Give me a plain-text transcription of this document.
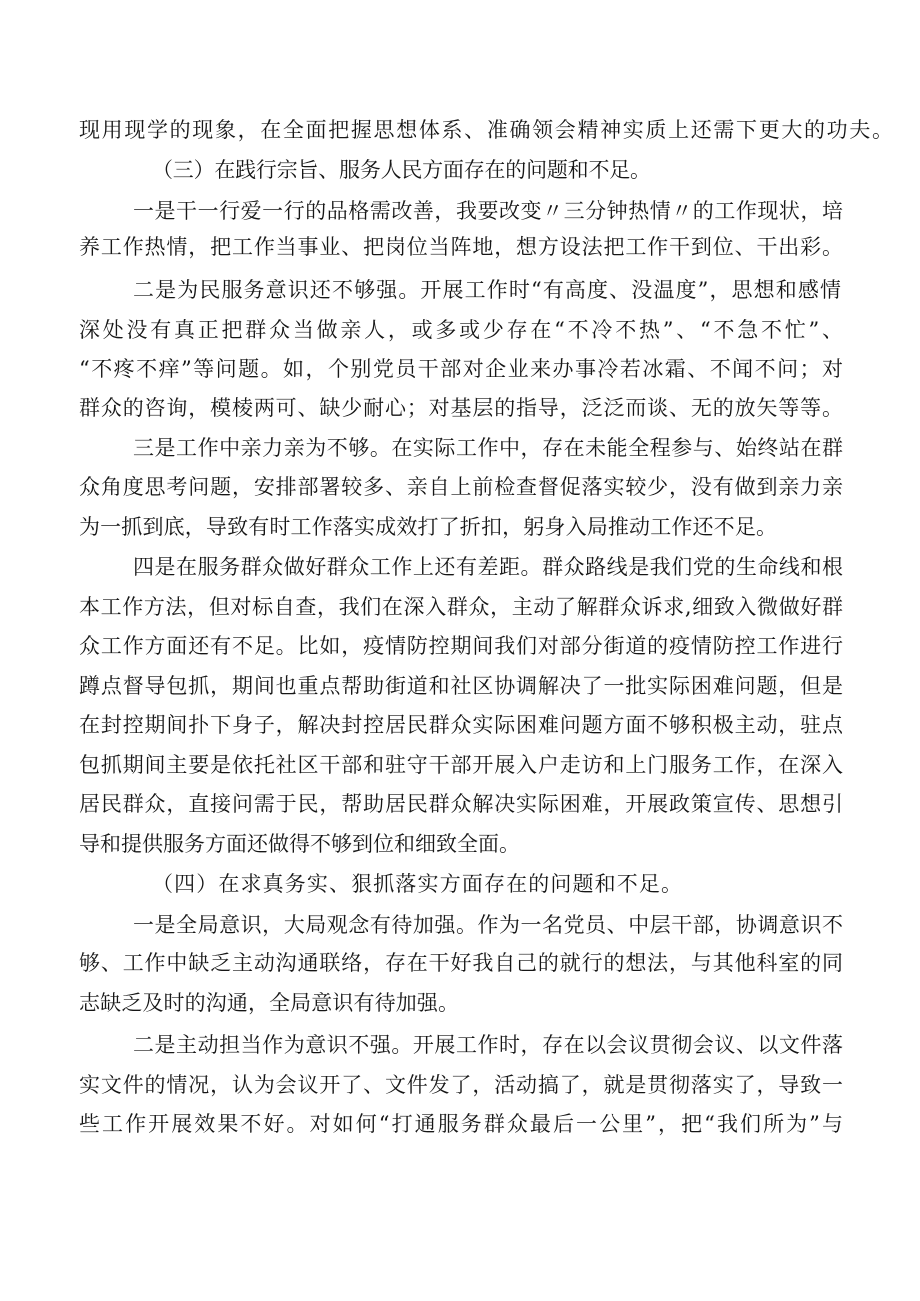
现用现学的现象，在全面把握思想体系、准确领会精神实质上还需下更大的功夫。
（三）在践行宗旨、服务人民方面存在的问题和不足。
一是干一行爱一行的品格需改善，我要改变〃三分钟热情〃的工作现状，培
养工作热情，把工作当事业、把岗位当阵地，想方设法把工作干到位、干出彩。
二是为民服务意识还不够强。开展工作时“有高度、没温度”，思想和感情
深处没有真正把群众当做亲人，或多或少存在“不冷不热”、“不急不忙”、
“不疼不痒”等问题。如，个别党员干部对企业来办事冷若冰霜、不闻不问；对
群众的咨询，模棱两可、缺少耐心；对基层的指导，泛泛而谈、无的放矢等等。
三是工作中亲力亲为不够。在实际工作中，存在未能全程参与、始终站在群
众角度思考问题，安排部署较多、亲自上前检查督促落实较少，没有做到亲力亲
为一抓到底，导致有时工作落实成效打了折扣，躬身入局推动工作还不足。
四是在服务群众做好群众工作上还有差距。群众路线是我们党的生命线和根
本工作方法，但对标自查，我们在深入群众，主动了解群众诉求,细致入微做好群
众工作方面还有不足。比如，疫情防控期间我们对部分街道的疫情防控工作进行
蹲点督导包抓，期间也重点帮助街道和社区协调解决了一批实际困难问题，但是
在封控期间扑下身子，解决封控居民群众实际困难问题方面不够积极主动，驻点
包抓期间主要是依托社区干部和驻守干部开展入户走访和上门服务工作，在深入
居民群众，直接问需于民，帮助居民群众解决实际困难，开展政策宣传、思想引
导和提供服务方面还做得不够到位和细致全面。
（四）在求真务实、狠抓落实方面存在的问题和不足。
一是全局意识，大局观念有待加强。作为一名党员、中层干部，协调意识不
够、工作中缺乏主动沟通联络，存在干好我自己的就行的想法，与其他科室的同
志缺乏及时的沟通，全局意识有待加强。
二是主动担当作为意识不强。开展工作时，存在以会议贯彻会议、以文件落
实文件的情况，认为会议开了、文件发了，活动搞了，就是贯彻落实了，导致一
些工作开展效果不好。对如何“打通服务群众最后一公里”，把“我们所为”与
